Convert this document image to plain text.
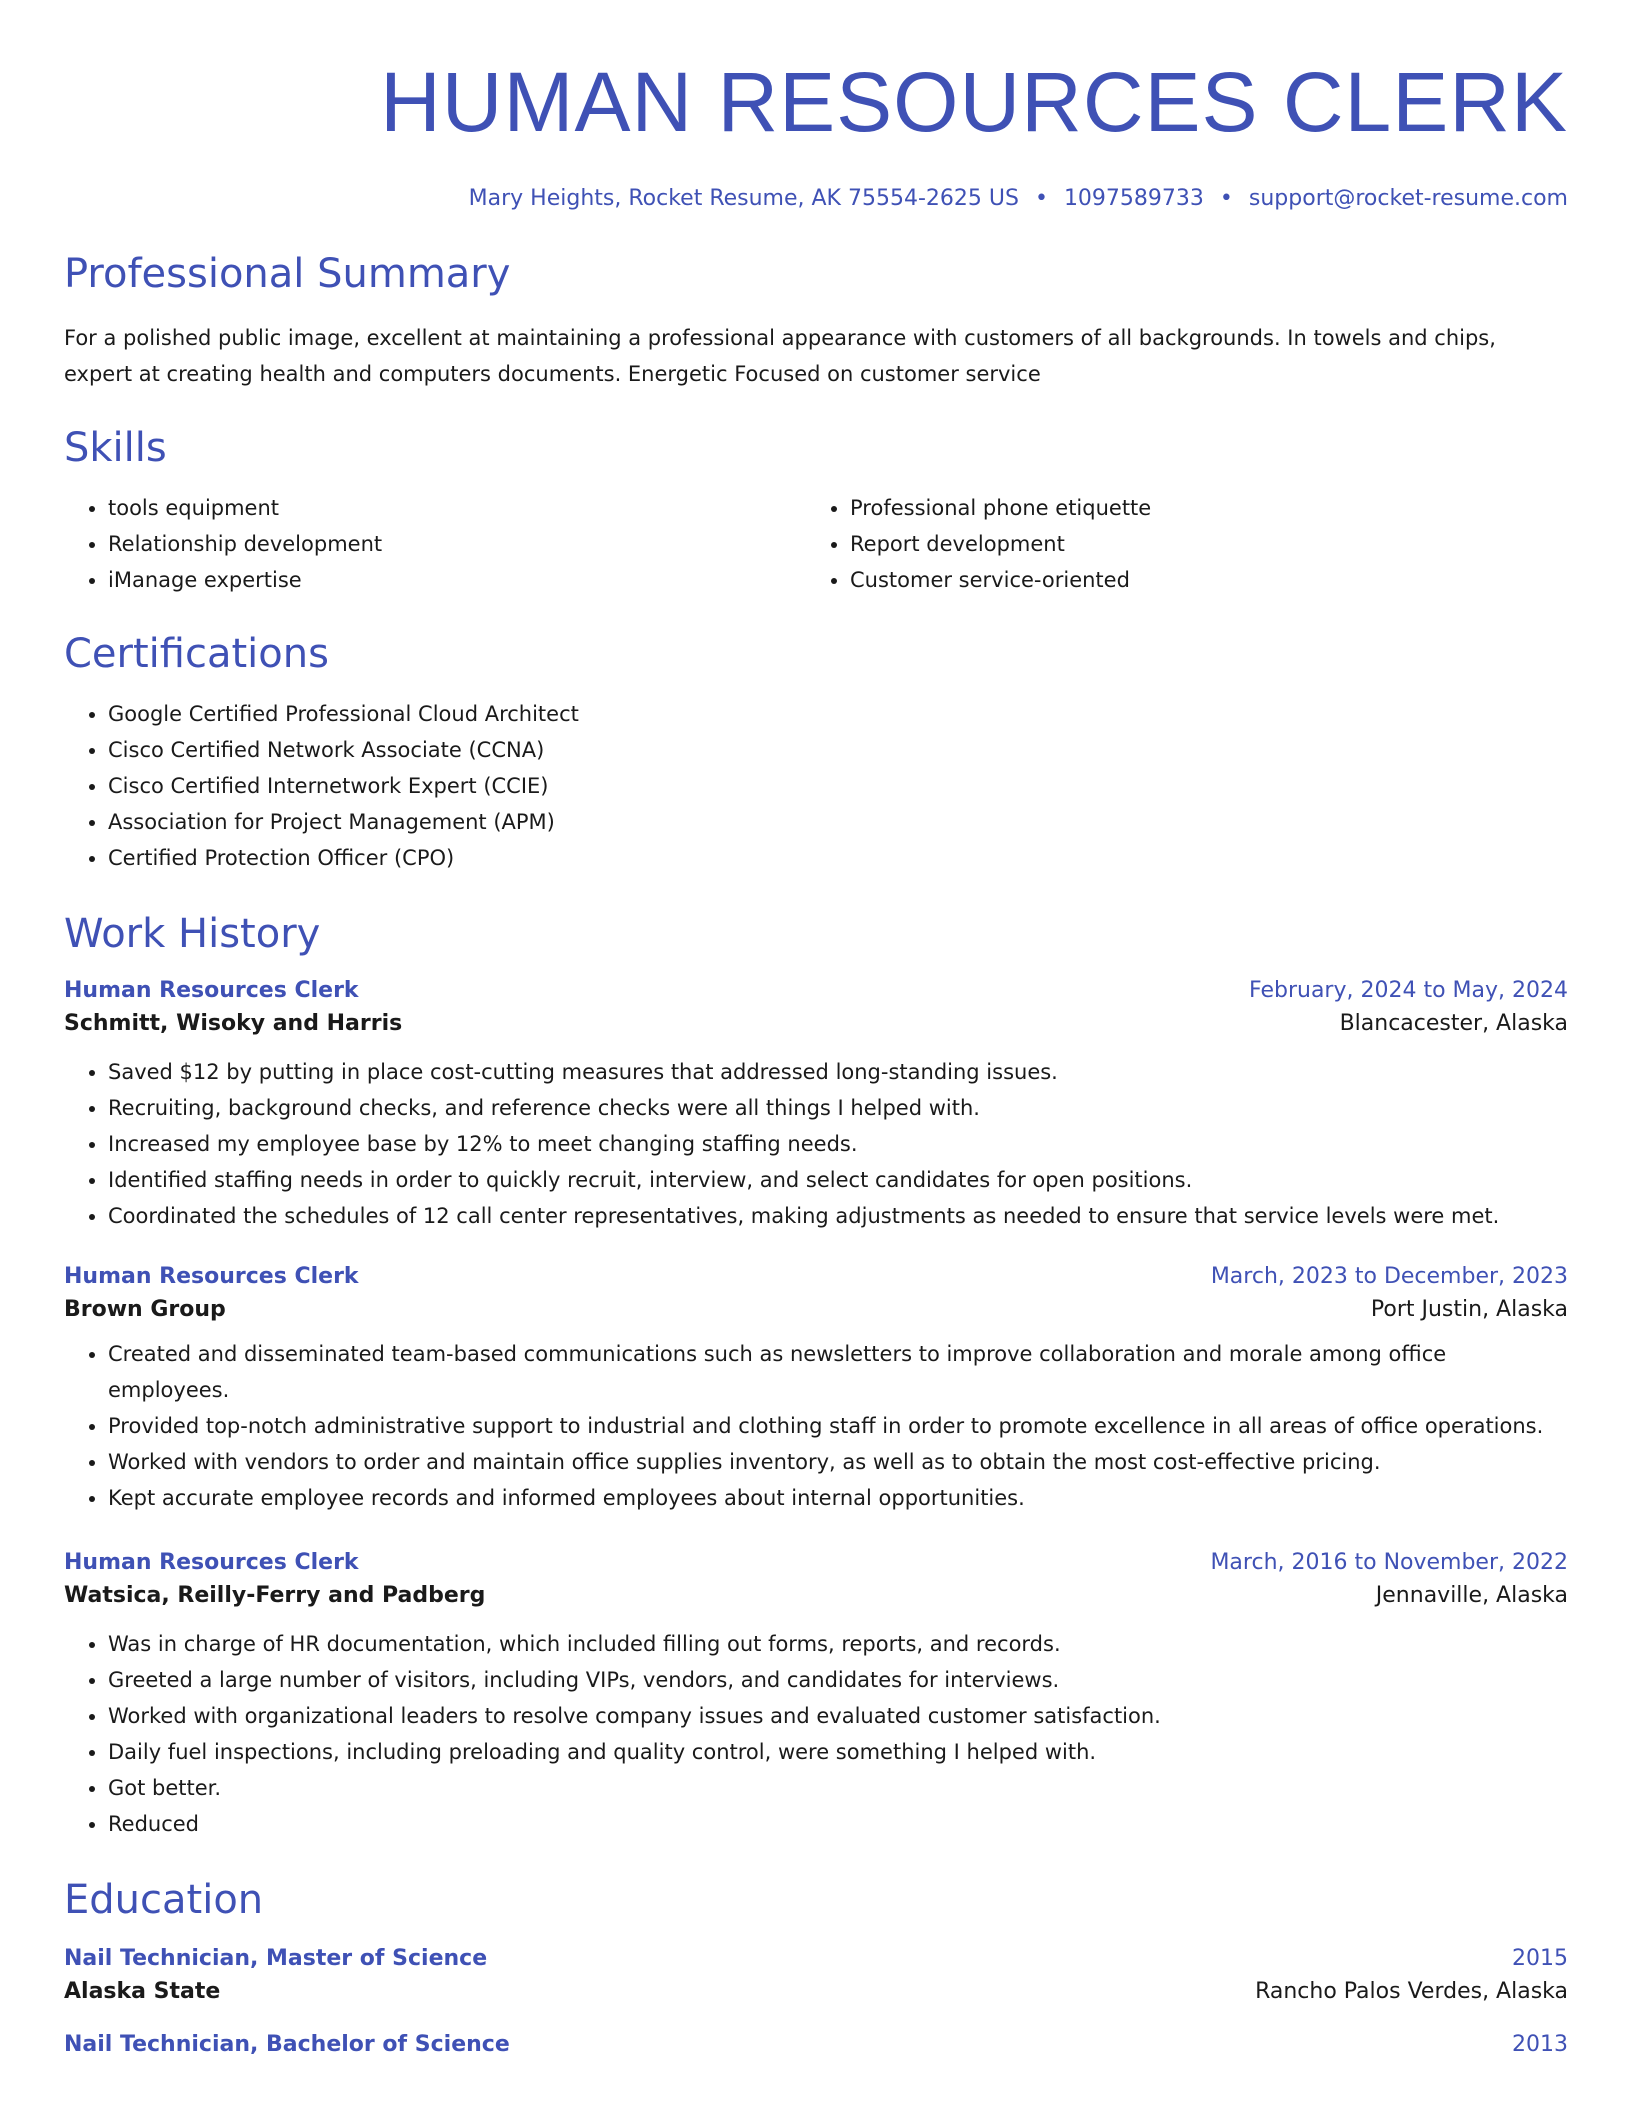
HUMAN RESOURCES CLERK
Mary Heights, Rocket Resume, AK 75554-2625 US • 1097589733 • support@rocket-resume.com
Professional Summary

For a polished public image, excellent at maintaining a professional appearance with customers of all backgrounds. In towels and chips, expert at creating health and computers documents. Energetic Focused on customer service

Skills
• tools equipment
• Relationship development
• iManage expertise
• Professional phone etiquette
• Report development
• Customer service-oriented
Certifications
• Google Certified Professional Cloud Architect
• Cisco Certified Network Associate (CCNA)
• Cisco Certified Internetwork Expert (CCIE)
• Association for Project Management (APM)
• Certified Protection Officer (CPO)
Work History
Human Resources Clerk	February, 2024 to May, 2024
Schmitt, Wisoky and Harris	Blancacester, Alaska
• Saved $12 by putting in place cost-cutting measures that addressed long-standing issues.
• Recruiting, background checks, and reference checks were all things I helped with.
• Increased my employee base by 12% to meet changing staffing needs.
• Identified staffing needs in order to quickly recruit, interview, and select candidates for open positions.
• Coordinated the schedules of 12 call center representatives, making adjustments as needed to ensure that service levels were met.
Human Resources Clerk	March, 2023 to December, 2023
Brown Group	Port Justin, Alaska
• Created and disseminated team-based communications such as newsletters to improve collaboration and morale among office employees.
• Provided top-notch administrative support to industrial and clothing staff in order to promote excellence in all areas of office operations.
• Worked with vendors to order and maintain office supplies inventory, as well as to obtain the most cost-effective pricing.
• Kept accurate employee records and informed employees about internal opportunities.
Human Resources Clerk	March, 2016 to November, 2022
Watsica, Reilly-Ferry and Padberg	Jennaville, Alaska
• Was in charge of HR documentation, which included filling out forms, reports, and records.
• Greeted a large number of visitors, including VIPs, vendors, and candidates for interviews.
• Worked with organizational leaders to resolve company issues and evaluated customer satisfaction.
• Daily fuel inspections, including preloading and quality control, were something I helped with.
• Got better.
• Reduced
Education
Nail Technician, Master of Science	2015
Alaska State	Rancho Palos Verdes, Alaska
Nail Technician, Bachelor of Science	2013
